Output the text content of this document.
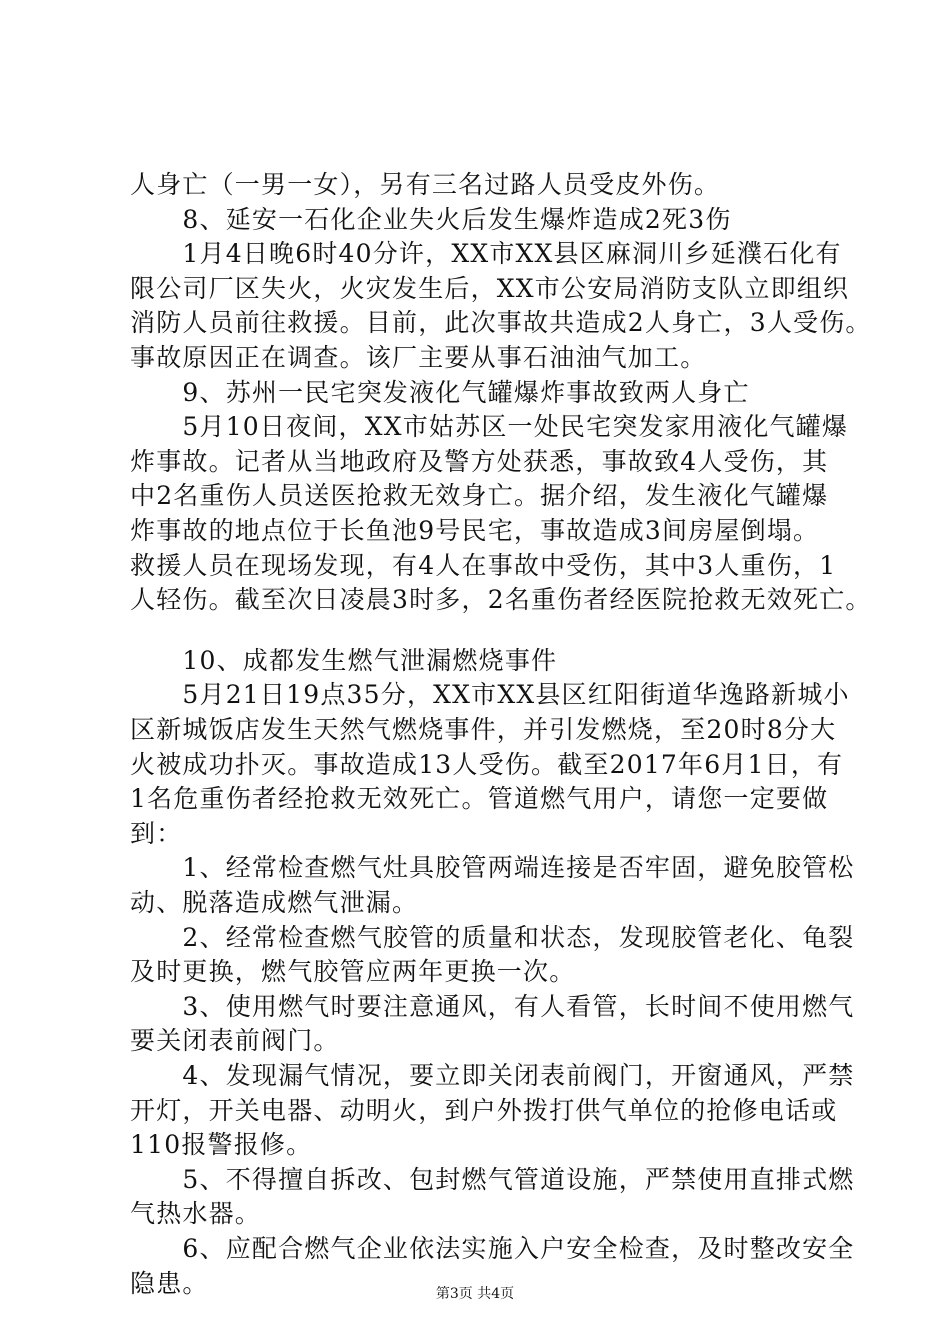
人身亡（一男一女），另有三名过路人员受皮外伤。
　　8、延安一石化企业失火后发生爆炸造成2死3伤
　　1月4日晚6时40分许，XX市XX县区麻洞川乡延濮石化有
限公司厂区失火，火灾发生后，XX市公安局消防支队立即组织
消防人员前往救援。目前，此次事故共造成2人身亡，3人受伤。
事故原因正在调查。该厂主要从事石油油气加工。
　　9、苏州一民宅突发液化气罐爆炸事故致两人身亡
　　5月10日夜间，XX市姑苏区一处民宅突发家用液化气罐爆
炸事故。记者从当地政府及警方处获悉，事故致4人受伤，其
中2名重伤人员送医抢救无效身亡。据介绍，发生液化气罐爆
炸事故的地点位于长鱼池9号民宅，事故造成3间房屋倒塌。
救援人员在现场发现，有4人在事故中受伤，其中3人重伤，1
人轻伤。截至次日凌晨3时多，2名重伤者经医院抢救无效死亡。
　　10、成都发生燃气泄漏燃烧事件
　　5月21日19点35分，XX市XX县区红阳街道华逸路新城小
区新城饭店发生天然气燃烧事件，并引发燃烧，至20时8分大
火被成功扑灭。事故造成13人受伤。截至2017年6月1日，有
1名危重伤者经抢救无效死亡。管道燃气用户，请您一定要做
到：
　　1、经常检查燃气灶具胶管两端连接是否牢固，避免胶管松
动、脱落造成燃气泄漏。
　　2、经常检查燃气胶管的质量和状态，发现胶管老化、龟裂
及时更换，燃气胶管应两年更换一次。
　　3、使用燃气时要注意通风，有人看管，长时间不使用燃气
要关闭表前阀门。
　　4、发现漏气情况，要立即关闭表前阀门，开窗通风，严禁
开灯，开关电器、动明火，到户外拨打供气单位的抢修电话或
110报警报修。
　　5、不得擅自拆改、包封燃气管道设施，严禁使用直排式燃
气热水器。
　　6、应配合燃气企业依法实施入户安全检查，及时整改安全
隐患。	第3页 共4页
